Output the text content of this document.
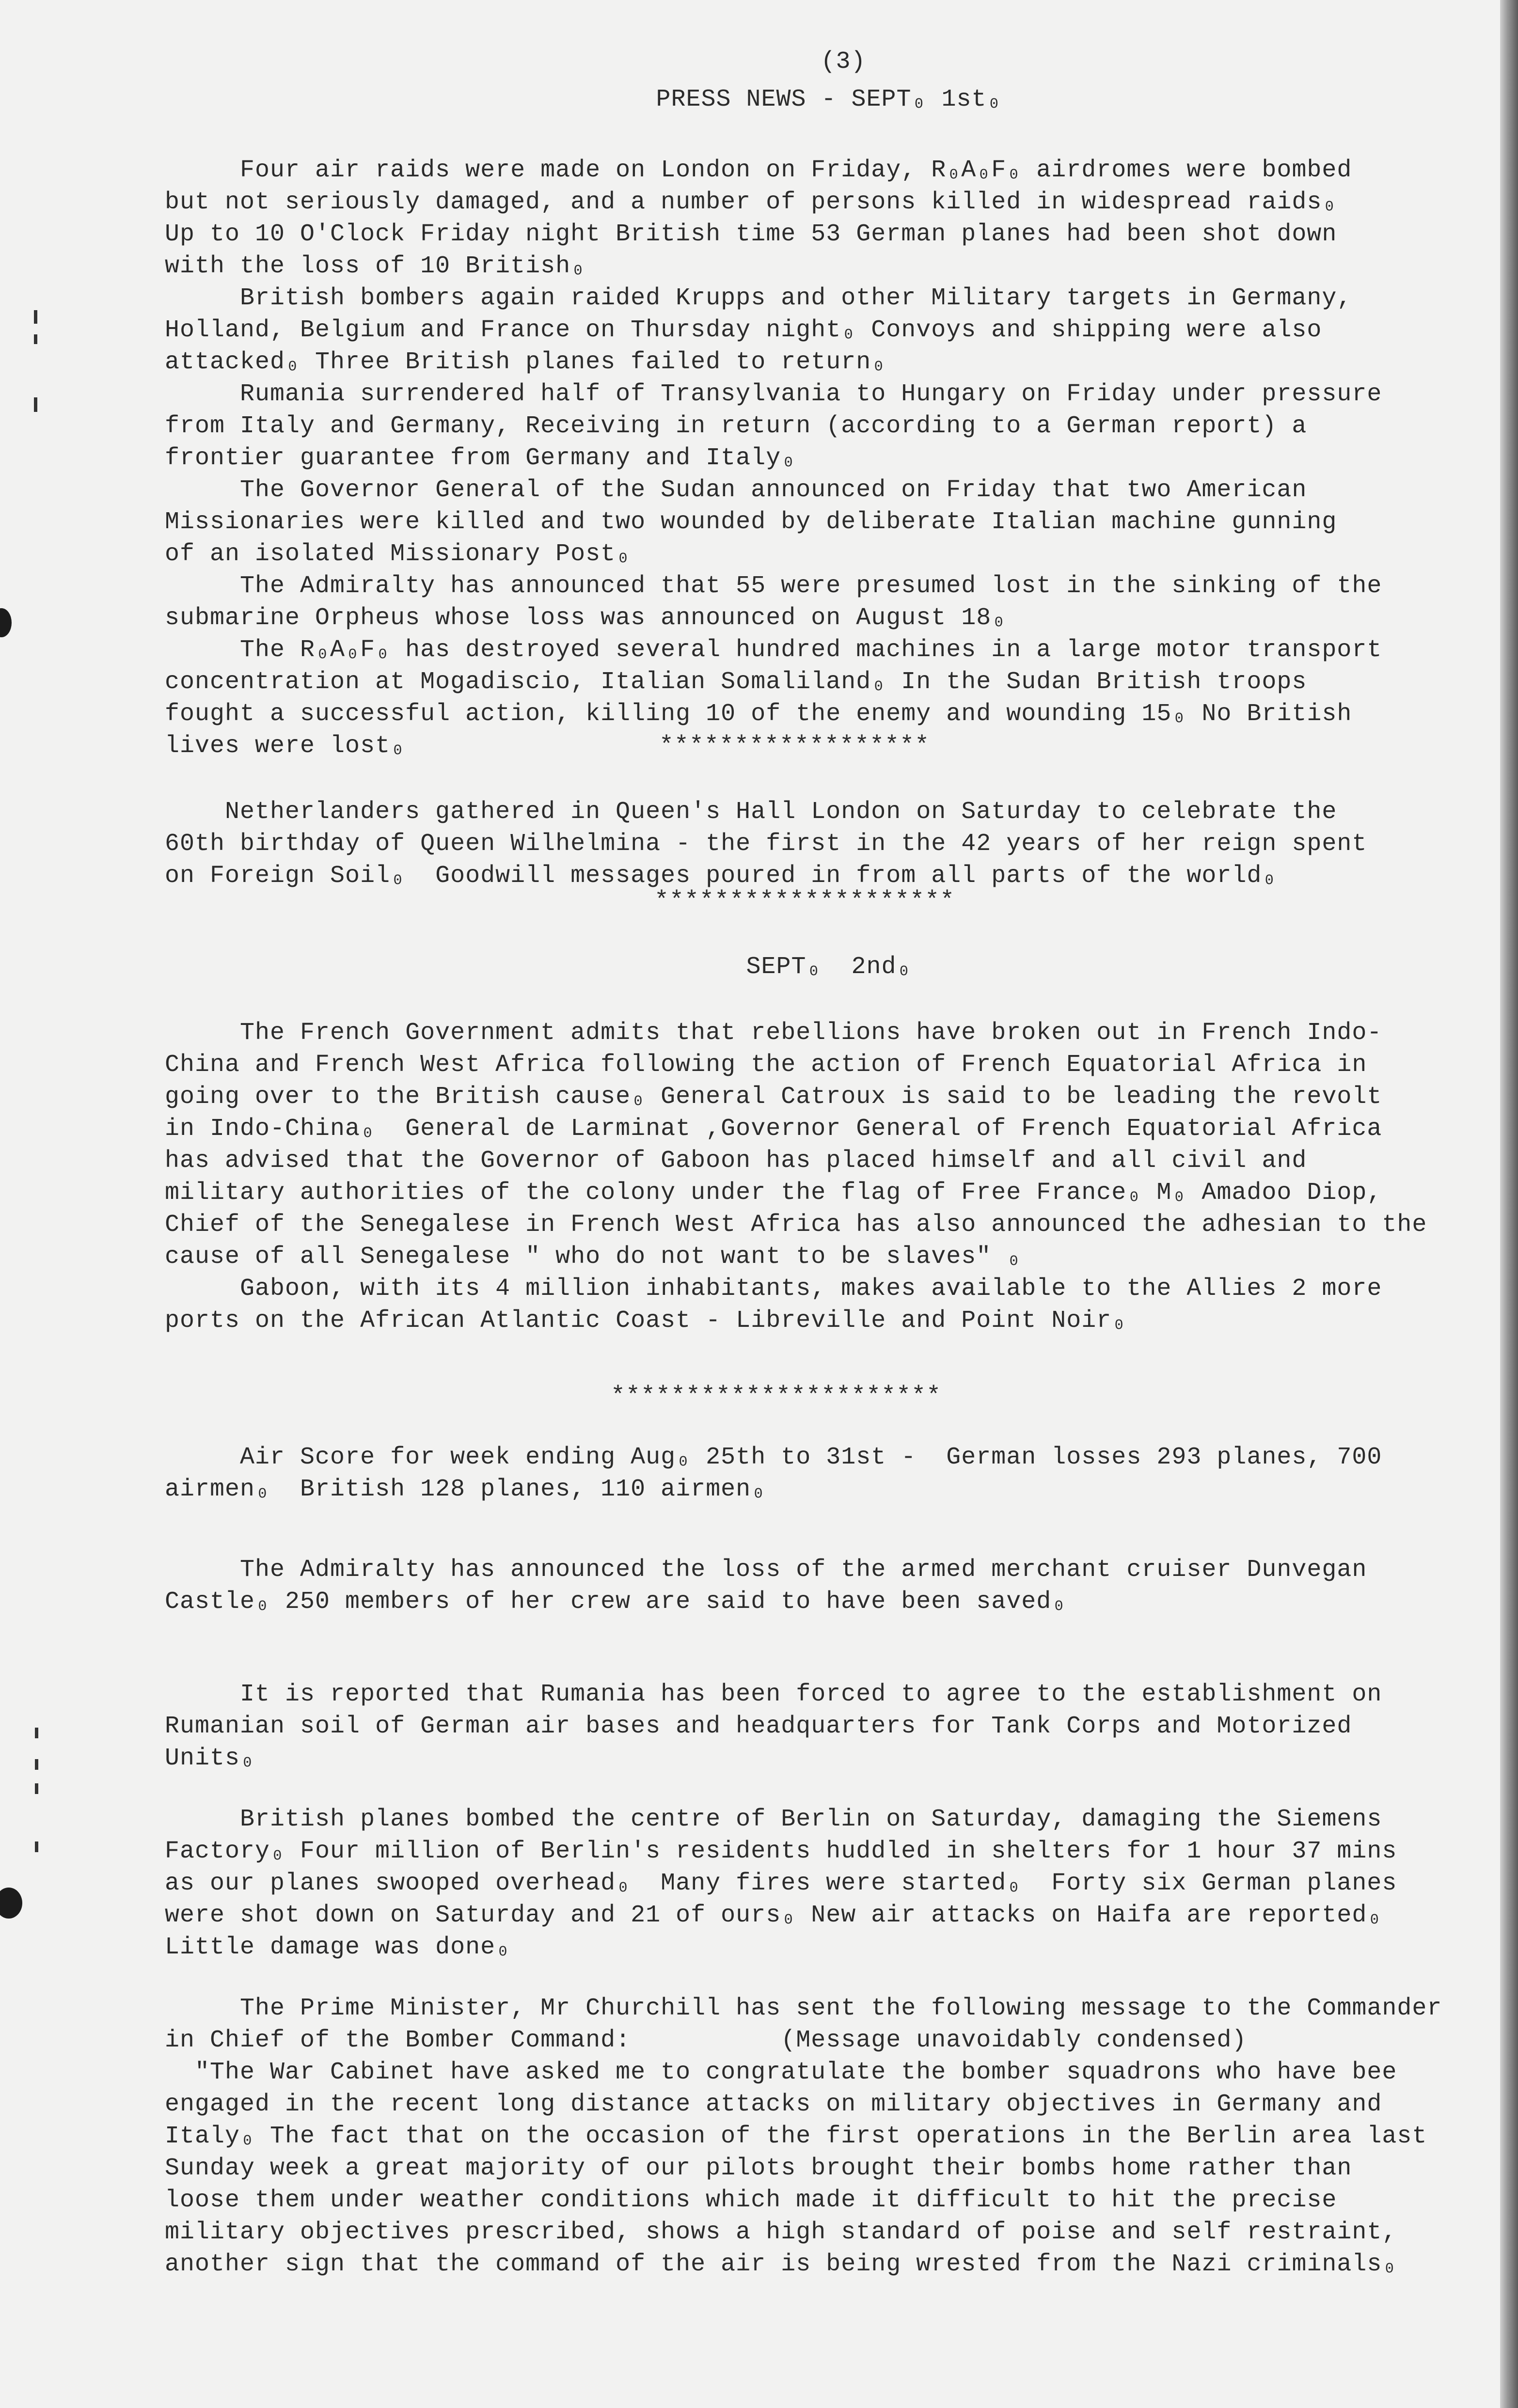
(3)
PRESS NEWS - SEPT₀ 1st₀
Four air raids were made on London on Friday, R₀A₀F₀ airdromes were bombed
but not seriously damaged, and a number of persons killed in widespread raids₀
Up to 10 O'Clock Friday night British time 53 German planes had been shot down
with the loss of 10 British₀
British bombers again raided Krupps and other Military targets in Germany,
Holland, Belgium and France on Thursday night₀ Convoys and shipping were also
attacked₀ Three British planes failed to return₀
Rumania surrendered half of Transylvania to Hungary on Friday under pressure
from Italy and Germany, Receiving in return (according to a German report) a
frontier guarantee from Germany and Italy₀
The Governor General of the Sudan announced on Friday that two American
Missionaries were killed and two wounded by deliberate Italian machine gunning
of an isolated Missionary Post₀
The Admiralty has announced that 55 were presumed lost in the sinking of the
submarine Orpheus whose loss was announced on August 18₀
The R₀A₀F₀ has destroyed several hundred machines in a large motor transport
concentration at Mogadiscio, Italian Somaliland₀ In the Sudan British troops
fought a successful action, killing 10 of the enemy and wounding 15₀ No British
lives were lost₀	******************
Netherlanders gathered in Queen's Hall London on Saturday to celebrate the
60th birthday of Queen Wilhelmina - the first in the 42 years of her reign spent
on Foreign Soil₀  Goodwill messages poured in from all parts of the world₀
********************
SEPT₀  2nd₀
The French Government admits that rebellions have broken out in French Indo-
China and French West Africa following the action of French Equatorial Africa in
going over to the British cause₀ General Catroux is said to be leading the revolt
in Indo-China₀  General de Larminat ,Governor General of French Equatorial Africa
has advised that the Governor of Gaboon has placed himself and all civil and
military authorities of the colony under the flag of Free France₀ M₀ Amadoo Diop,
Chief of the Senegalese in French West Africa has also announced the adhesian to the
cause of all Senegalese " who do not want to be slaves" ₀
Gaboon, with its 4 million inhabitants, makes available to the Allies 2 more
ports on the African Atlantic Coast - Libreville and Point Noir₀
**********************
Air Score for week ending Aug₀ 25th to 31st -  German losses 293 planes, 700
airmen₀  British 128 planes, 110 airmen₀
The Admiralty has announced the loss of the armed merchant cruiser Dunvegan
Castle₀ 250 members of her crew are said to have been saved₀
It is reported that Rumania has been forced to agree to the establishment on
Rumanian soil of German air bases and headquarters for Tank Corps and Motorized
Units₀
British planes bombed the centre of Berlin on Saturday, damaging the Siemens
Factory₀ Four million of Berlin's residents huddled in shelters for 1 hour 37 mins
as our planes swooped overhead₀  Many fires were started₀  Forty six German planes
were shot down on Saturday and 21 of ours₀ New air attacks on Haifa are reported₀
Little damage was done₀
The Prime Minister, Mr Churchill has sent the following message to the Commander
in Chief of the Bomber Command:          (Message unavoidably condensed)
"The War Cabinet have asked me to congratulate the bomber squadrons who have bee
engaged in the recent long distance attacks on military objectives in Germany and
Italy₀ The fact that on the occasion of the first operations in the Berlin area last
Sunday week a great majority of our pilots brought their bombs home rather than
loose them under weather conditions which made it difficult to hit the precise
military objectives prescribed, shows a high standard of poise and self restraint,
another sign that the command of the air is being wrested from the Nazi criminals₀
